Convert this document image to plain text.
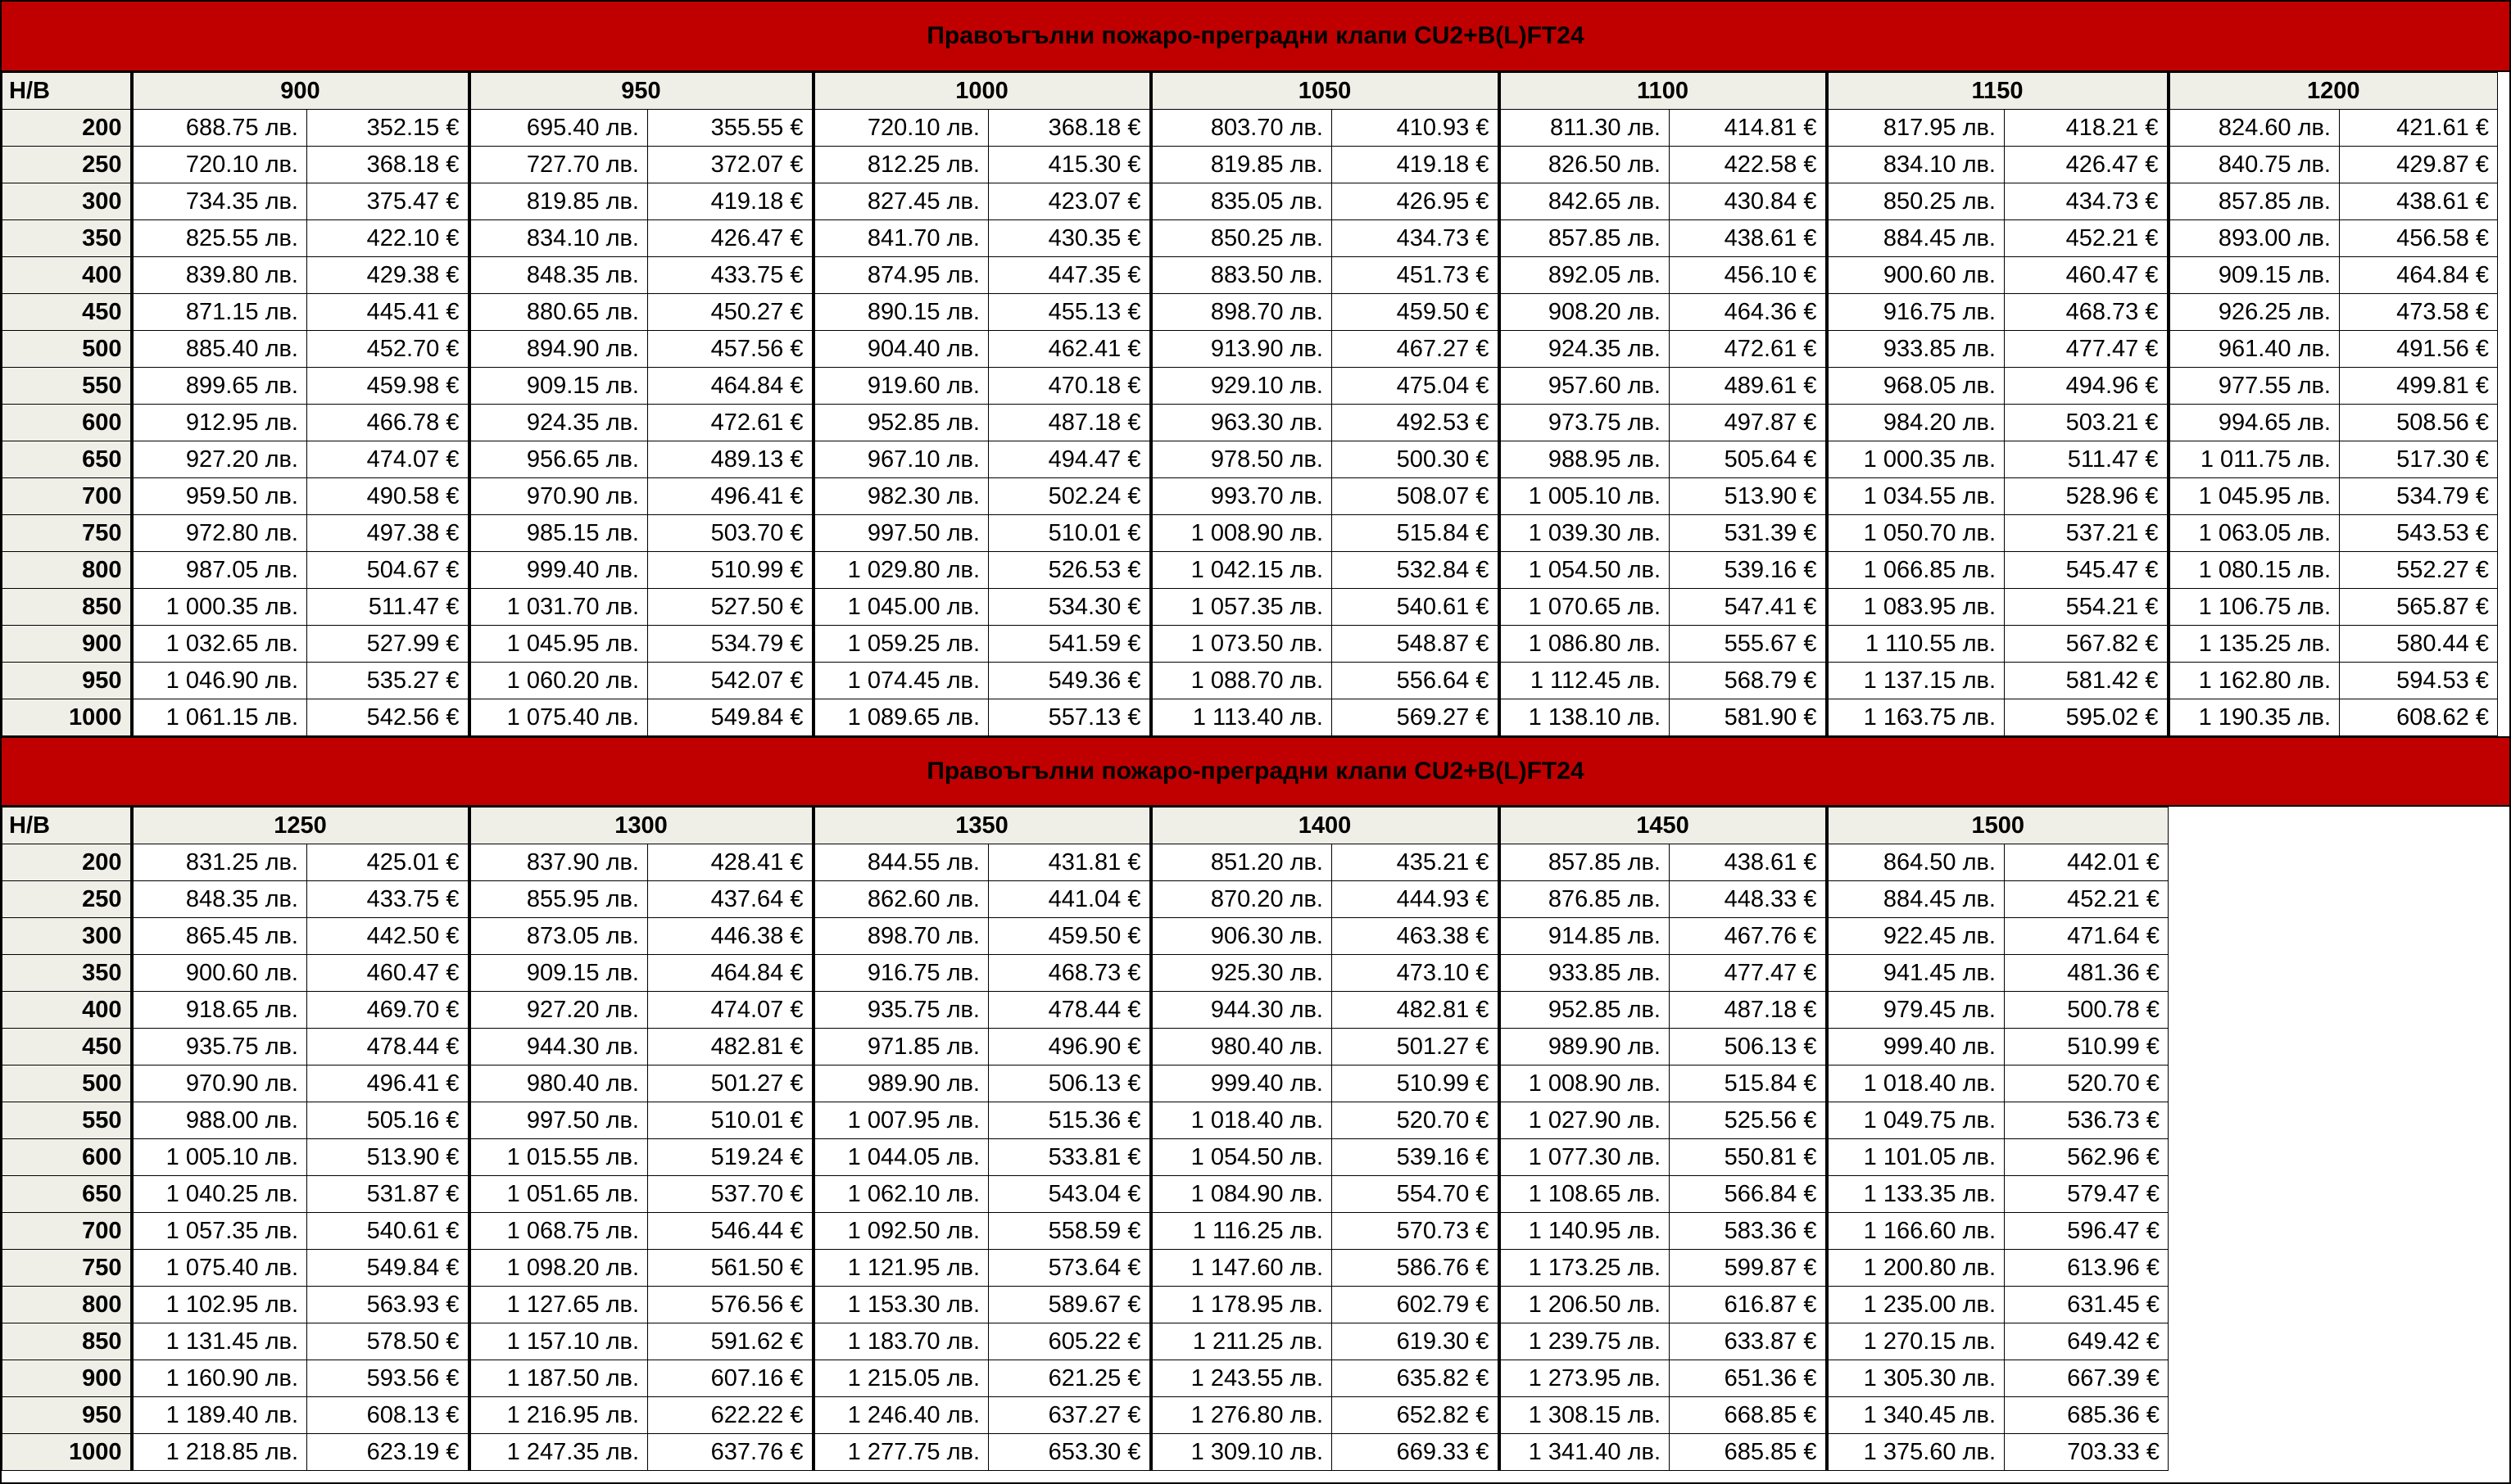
Правоъгълни пожаро-преградни клапи CU2+B(L)FT24
H/B	900		950		1000		1050		1100		1150		1200	
200	688.75 лв.	352.15 €	695.40 лв.	355.55 €	720.10 лв.	368.18 €	803.70 лв.	410.93 €	811.30 лв.	414.81 €	817.95 лв.	418.21 €	824.60 лв.	421.61 €
250	720.10 лв.	368.18 €	727.70 лв.	372.07 €	812.25 лв.	415.30 €	819.85 лв.	419.18 €	826.50 лв.	422.58 €	834.10 лв.	426.47 €	840.75 лв.	429.87 €
300	734.35 лв.	375.47 €	819.85 лв.	419.18 €	827.45 лв.	423.07 €	835.05 лв.	426.95 €	842.65 лв.	430.84 €	850.25 лв.	434.73 €	857.85 лв.	438.61 €
350	825.55 лв.	422.10 €	834.10 лв.	426.47 €	841.70 лв.	430.35 €	850.25 лв.	434.73 €	857.85 лв.	438.61 €	884.45 лв.	452.21 €	893.00 лв.	456.58 €
400	839.80 лв.	429.38 €	848.35 лв.	433.75 €	874.95 лв.	447.35 €	883.50 лв.	451.73 €	892.05 лв.	456.10 €	900.60 лв.	460.47 €	909.15 лв.	464.84 €
450	871.15 лв.	445.41 €	880.65 лв.	450.27 €	890.15 лв.	455.13 €	898.70 лв.	459.50 €	908.20 лв.	464.36 €	916.75 лв.	468.73 €	926.25 лв.	473.58 €
500	885.40 лв.	452.70 €	894.90 лв.	457.56 €	904.40 лв.	462.41 €	913.90 лв.	467.27 €	924.35 лв.	472.61 €	933.85 лв.	477.47 €	961.40 лв.	491.56 €
550	899.65 лв.	459.98 €	909.15 лв.	464.84 €	919.60 лв.	470.18 €	929.10 лв.	475.04 €	957.60 лв.	489.61 €	968.05 лв.	494.96 €	977.55 лв.	499.81 €
600	912.95 лв.	466.78 €	924.35 лв.	472.61 €	952.85 лв.	487.18 €	963.30 лв.	492.53 €	973.75 лв.	497.87 €	984.20 лв.	503.21 €	994.65 лв.	508.56 €
650	927.20 лв.	474.07 €	956.65 лв.	489.13 €	967.10 лв.	494.47 €	978.50 лв.	500.30 €	988.95 лв.	505.64 €	1 000.35 лв.	511.47 €	1 011.75 лв.	517.30 €
700	959.50 лв.	490.58 €	970.90 лв.	496.41 €	982.30 лв.	502.24 €	993.70 лв.	508.07 €	1 005.10 лв.	513.90 €	1 034.55 лв.	528.96 €	1 045.95 лв.	534.79 €
750	972.80 лв.	497.38 €	985.15 лв.	503.70 €	997.50 лв.	510.01 €	1 008.90 лв.	515.84 €	1 039.30 лв.	531.39 €	1 050.70 лв.	537.21 €	1 063.05 лв.	543.53 €
800	987.05 лв.	504.67 €	999.40 лв.	510.99 €	1 029.80 лв.	526.53 €	1 042.15 лв.	532.84 €	1 054.50 лв.	539.16 €	1 066.85 лв.	545.47 €	1 080.15 лв.	552.27 €
850	1 000.35 лв.	511.47 €	1 031.70 лв.	527.50 €	1 045.00 лв.	534.30 €	1 057.35 лв.	540.61 €	1 070.65 лв.	547.41 €	1 083.95 лв.	554.21 €	1 106.75 лв.	565.87 €
900	1 032.65 лв.	527.99 €	1 045.95 лв.	534.79 €	1 059.25 лв.	541.59 €	1 073.50 лв.	548.87 €	1 086.80 лв.	555.67 €	1 110.55 лв.	567.82 €	1 135.25 лв.	580.44 €
950	1 046.90 лв.	535.27 €	1 060.20 лв.	542.07 €	1 074.45 лв.	549.36 €	1 088.70 лв.	556.64 €	1 112.45 лв.	568.79 €	1 137.15 лв.	581.42 €	1 162.80 лв.	594.53 €
1000	1 061.15 лв.	542.56 €	1 075.40 лв.	549.84 €	1 089.65 лв.	557.13 €	1 113.40 лв.	569.27 €	1 138.10 лв.	581.90 €	1 163.75 лв.	595.02 €	1 190.35 лв.	608.62 €
Правоъгълни пожаро-преградни клапи CU2+B(L)FT24
H/B	1250		1300		1350		1400		1450		1500	
200	831.25 лв.	425.01 €	837.90 лв.	428.41 €	844.55 лв.	431.81 €	851.20 лв.	435.21 €	857.85 лв.	438.61 €	864.50 лв.	442.01 €
250	848.35 лв.	433.75 €	855.95 лв.	437.64 €	862.60 лв.	441.04 €	870.20 лв.	444.93 €	876.85 лв.	448.33 €	884.45 лв.	452.21 €
300	865.45 лв.	442.50 €	873.05 лв.	446.38 €	898.70 лв.	459.50 €	906.30 лв.	463.38 €	914.85 лв.	467.76 €	922.45 лв.	471.64 €
350	900.60 лв.	460.47 €	909.15 лв.	464.84 €	916.75 лв.	468.73 €	925.30 лв.	473.10 €	933.85 лв.	477.47 €	941.45 лв.	481.36 €
400	918.65 лв.	469.70 €	927.20 лв.	474.07 €	935.75 лв.	478.44 €	944.30 лв.	482.81 €	952.85 лв.	487.18 €	979.45 лв.	500.78 €
450	935.75 лв.	478.44 €	944.30 лв.	482.81 €	971.85 лв.	496.90 €	980.40 лв.	501.27 €	989.90 лв.	506.13 €	999.40 лв.	510.99 €
500	970.90 лв.	496.41 €	980.40 лв.	501.27 €	989.90 лв.	506.13 €	999.40 лв.	510.99 €	1 008.90 лв.	515.84 €	1 018.40 лв.	520.70 €
550	988.00 лв.	505.16 €	997.50 лв.	510.01 €	1 007.95 лв.	515.36 €	1 018.40 лв.	520.70 €	1 027.90 лв.	525.56 €	1 049.75 лв.	536.73 €
600	1 005.10 лв.	513.90 €	1 015.55 лв.	519.24 €	1 044.05 лв.	533.81 €	1 054.50 лв.	539.16 €	1 077.30 лв.	550.81 €	1 101.05 лв.	562.96 €
650	1 040.25 лв.	531.87 €	1 051.65 лв.	537.70 €	1 062.10 лв.	543.04 €	1 084.90 лв.	554.70 €	1 108.65 лв.	566.84 €	1 133.35 лв.	579.47 €
700	1 057.35 лв.	540.61 €	1 068.75 лв.	546.44 €	1 092.50 лв.	558.59 €	1 116.25 лв.	570.73 €	1 140.95 лв.	583.36 €	1 166.60 лв.	596.47 €
750	1 075.40 лв.	549.84 €	1 098.20 лв.	561.50 €	1 121.95 лв.	573.64 €	1 147.60 лв.	586.76 €	1 173.25 лв.	599.87 €	1 200.80 лв.	613.96 €
800	1 102.95 лв.	563.93 €	1 127.65 лв.	576.56 €	1 153.30 лв.	589.67 €	1 178.95 лв.	602.79 €	1 206.50 лв.	616.87 €	1 235.00 лв.	631.45 €
850	1 131.45 лв.	578.50 €	1 157.10 лв.	591.62 €	1 183.70 лв.	605.22 €	1 211.25 лв.	619.30 €	1 239.75 лв.	633.87 €	1 270.15 лв.	649.42 €
900	1 160.90 лв.	593.56 €	1 187.50 лв.	607.16 €	1 215.05 лв.	621.25 €	1 243.55 лв.	635.82 €	1 273.95 лв.	651.36 €	1 305.30 лв.	667.39 €
950	1 189.40 лв.	608.13 €	1 216.95 лв.	622.22 €	1 246.40 лв.	637.27 €	1 276.80 лв.	652.82 €	1 308.15 лв.	668.85 €	1 340.45 лв.	685.36 €
1000	1 218.85 лв.	623.19 €	1 247.35 лв.	637.76 €	1 277.75 лв.	653.30 €	1 309.10 лв.	669.33 €	1 341.40 лв.	685.85 €	1 375.60 лв.	703.33 €
